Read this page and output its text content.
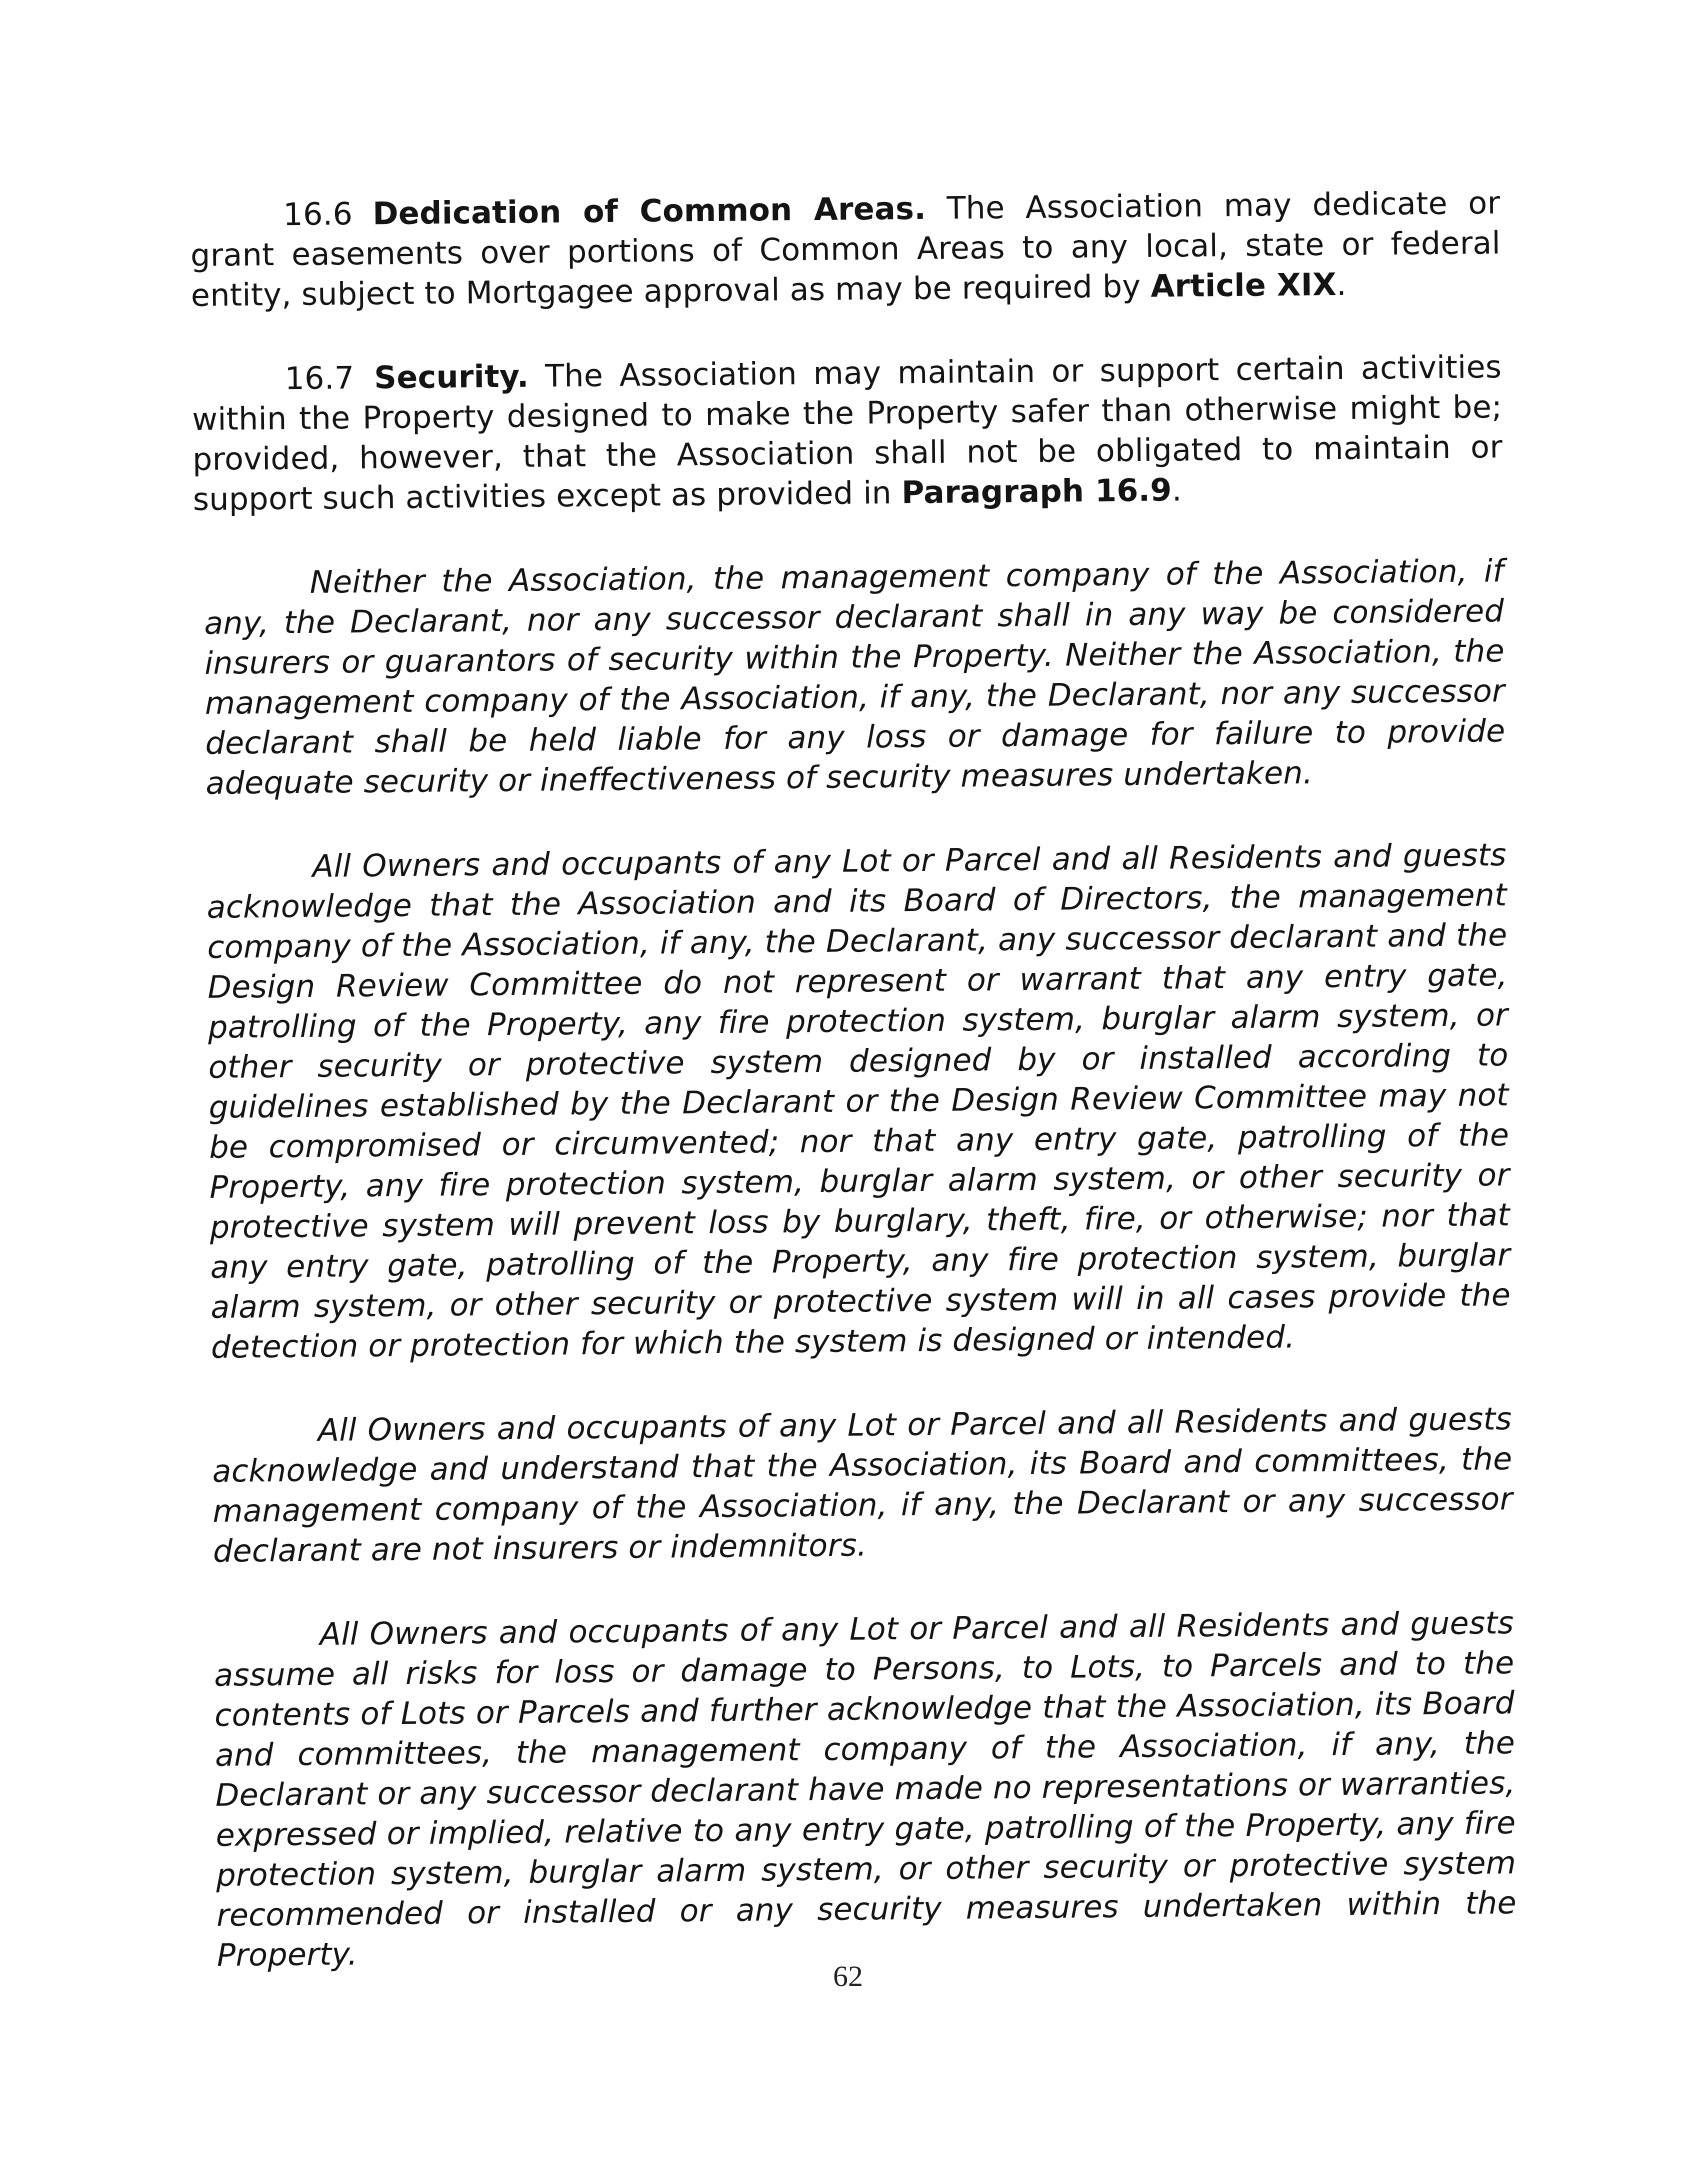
16.6 Dedication of Common Areas. The Association may dedicate or grant easements over portions of Common Areas to any local, state or federal entity, subject to Mortgagee approval as may be required by Article XIX.

16.7 Security. The Association may maintain or support certain activities within the Property designed to make the Property safer than otherwise might be; provided, however, that the Association shall not be obligated to maintain or support such activities except as provided in Paragraph 16.9.

Neither the Association, the management company of the Association, if any, the Declarant, nor any successor declarant shall in any way be considered insurers or guarantors of security within the Property. Neither the Association, the management company of the Association, if any, the Declarant, nor any successor declarant shall be held liable for any loss or damage for failure to provide adequate security or ineffectiveness of security measures undertaken.

All Owners and occupants of any Lot or Parcel and all Residents and guests acknowledge that the Association and its Board of Directors, the management company of the Association, if any, the Declarant, any successor declarant and the Design Review Committee do not represent or warrant that any entry gate, patrolling of the Property, any fire protection system, burglar alarm system, or other security or protective system designed by or installed according to guidelines established by the Declarant or the Design Review Committee may not be compromised or circumvented; nor that any entry gate, patrolling of the Property, any fire protection system, burglar alarm system, or other security or protective system will prevent loss by burglary, theft, fire, or otherwise; nor that any entry gate, patrolling of the Property, any fire protection system, burglar alarm system, or other security or protective system will in all cases provide the detection or protection for which the system is designed or intended.

All Owners and occupants of any Lot or Parcel and all Residents and guests acknowledge and understand that the Association, its Board and committees, the management company of the Association, if any, the Declarant or any successor declarant are not insurers or indemnitors.

All Owners and occupants of any Lot or Parcel and all Residents and guests assume all risks for loss or damage to Persons, to Lots, to Parcels and to the contents of Lots or Parcels and further acknowledge that the Association, its Board and committees, the management company of the Association, if any, the Declarant or any successor declarant have made no representations or warranties, expressed or implied, relative to any entry gate, patrolling of the Property, any fire protection system, burglar alarm system, or other security or protective system recommended or installed or any security measures undertaken within the Property.

62
